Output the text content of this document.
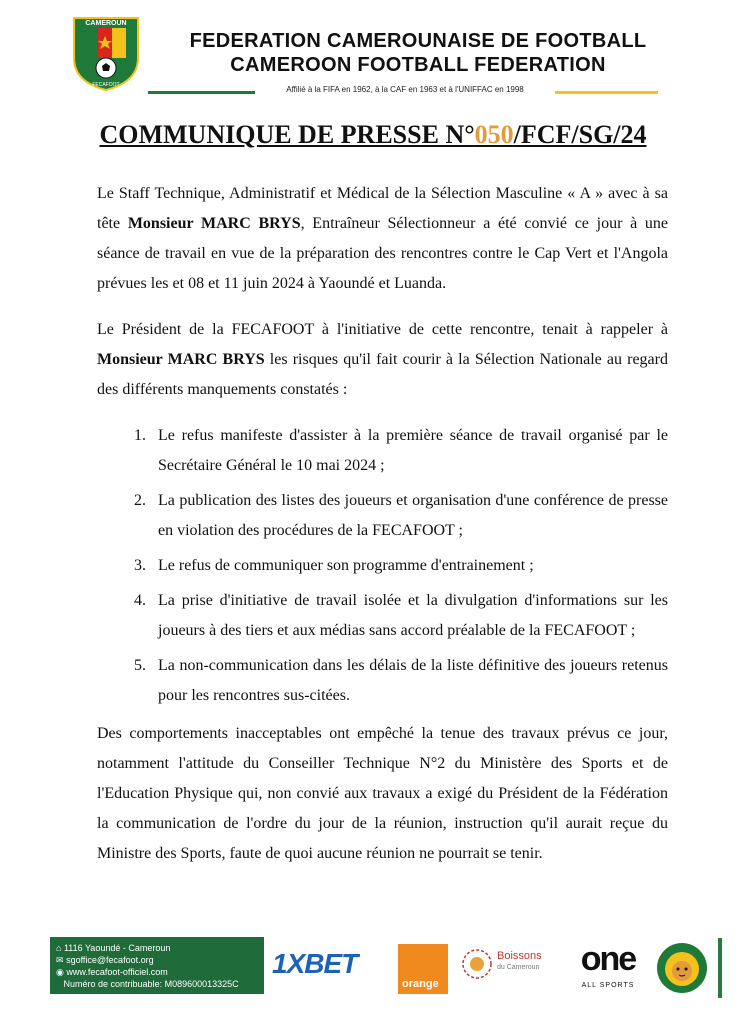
CAMEROUN
FECAFOOT
FEDERATION CAMEROUNAISE DE FOOTBALL
CAMEROON FOOTBALL FEDERATION
Affilié à la FIFA en 1962, à la CAF en 1963 et à l'UNIFFAC en 1998
COMMUNIQUE DE PRESSE N°050/FCF/SG/24
Le Staff Technique, Administratif et Médical de la Sélection Masculine « A » avec à sa tête Monsieur MARC BRYS, Entraîneur Sélectionneur a été convié ce jour à une séance de travail en vue de la préparation des rencontres contre le Cap Vert et l'Angola prévues les et 08 et 11 juin 2024 à Yaoundé et Luanda.
Le Président de la FECAFOOT à l'initiative de cette rencontre, tenait à rappeler à Monsieur MARC BRYS les risques qu'il fait courir à la Sélection Nationale au regard des différents manquements constatés :
1. Le refus manifeste d'assister à la première séance de travail organisé par le Secrétaire Général le 10 mai 2024 ;
2. La publication des listes des joueurs et organisation d'une conférence de presse en violation des procédures de la FECAFOOT ;
3. Le refus de communiquer son programme d'entrainement ;
4. La prise d'initiative de travail isolée et la divulgation d'informations sur les joueurs à des tiers et aux médias sans accord préalable de la FECAFOOT ;
5. La non-communication dans les délais de la liste définitive des joueurs retenus pour les rencontres sus-citées.
Des comportements inacceptables ont empêché la tenue des travaux prévus ce jour, notamment l'attitude du Conseiller Technique N°2 du Ministère des Sports et de l'Education Physique qui, non convié aux travaux a exigé du Président de la Fédération la communication de l'ordre du jour de la réunion, instruction qu'il aurait reçue du Ministre des Sports, faute de quoi aucune réunion ne pourrait se tenir.
⌂ 1116 Yaoundé - Cameroun
✉ sgoffice@fecafoot.org
◉ www.fecafoot-officiel.com
Numéro de contribuable: M089600013325C
1XBET
orange
Boissons
du Cameroun	one
ALL SPORTS
